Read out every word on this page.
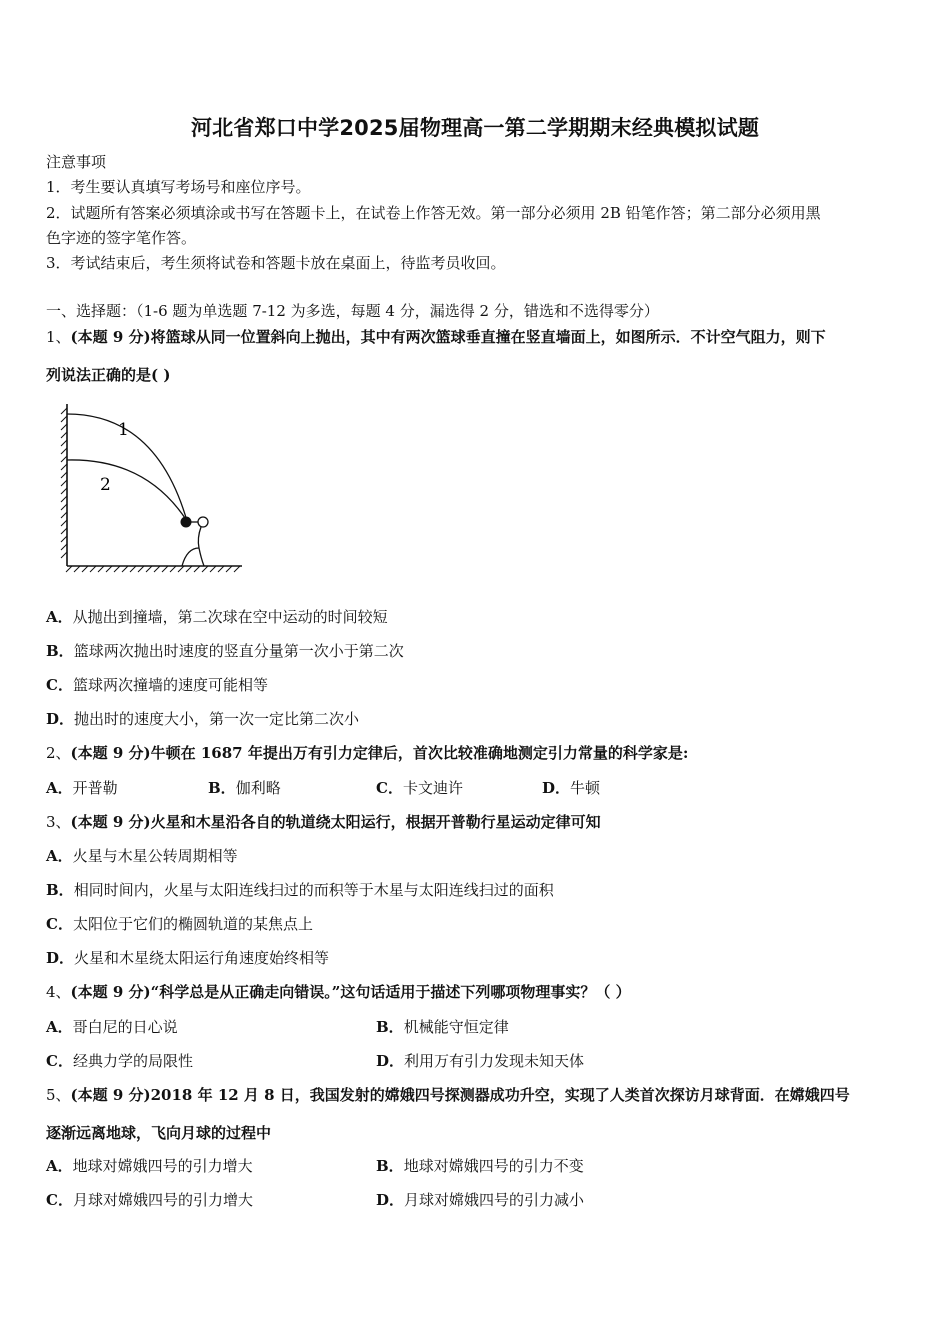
河北省郑口中学2025届物理高一第二学期期末经典模拟试题
注意事项
1．考生要认真填写考场号和座位序号。
2．试题所有答案必须填涂或书写在答题卡上，在试卷上作答无效。第一部分必须用 2B 铅笔作答；第二部分必须用黑
色字迹的签字笔作答。
3．考试结束后，考生须将试卷和答题卡放在桌面上，待监考员收回。
一、选择题：（1-6 题为单选题 7-12 为多选，每题 4 分，漏选得 2 分，错选和不选得零分）
1、(本题 9 分)将篮球从同一位置斜向上抛出，其中有两次篮球垂直撞在竖直墙面上，如图所示．不计空气阻力，则下
列说法正确的是( )
1
2
A．从抛出到撞墙，第二次球在空中运动的时间较短
B．篮球两次抛出时速度的竖直分量第一次小于第二次
C．篮球两次撞墙的速度可能相等
D．抛出时的速度大小，第一次一定比第二次小
2、(本题 9 分)牛顿在 1687 年提出万有引力定律后，首次比较准确地测定引力常量的科学家是:
A．开普勒	B．伽利略	C．卡文迪许	D．牛顿
3、(本题 9 分)火星和木星沿各自的轨道绕太阳运行，根据开普勒行星运动定律可知
A．火星与木星公转周期相等
B．相同时间内，火星与太阳连线扫过的而积等于木星与太阳连线扫过的面积
C．太阳位于它们的椭圆轨道的某焦点上
D．火星和木星绕太阳运行角速度始终相等
4、(本题 9 分)“科学总是从正确走向错误。”这句话适用于描述下列哪项物理事实？（ ）
A．哥白尼的日心说	B．机械能守恒定律
C．经典力学的局限性	D．利用万有引力发现未知天体
5、(本题 9 分)2018 年 12 月 8 日，我国发射的嫦娥四号探测器成功升空，实现了人类首次探访月球背面．在嫦娥四号
逐渐远离地球，飞向月球的过程中
A．地球对嫦娥四号的引力增大	B．地球对嫦娥四号的引力不变
C．月球对嫦娥四号的引力增大	D．月球对嫦娥四号的引力减小
